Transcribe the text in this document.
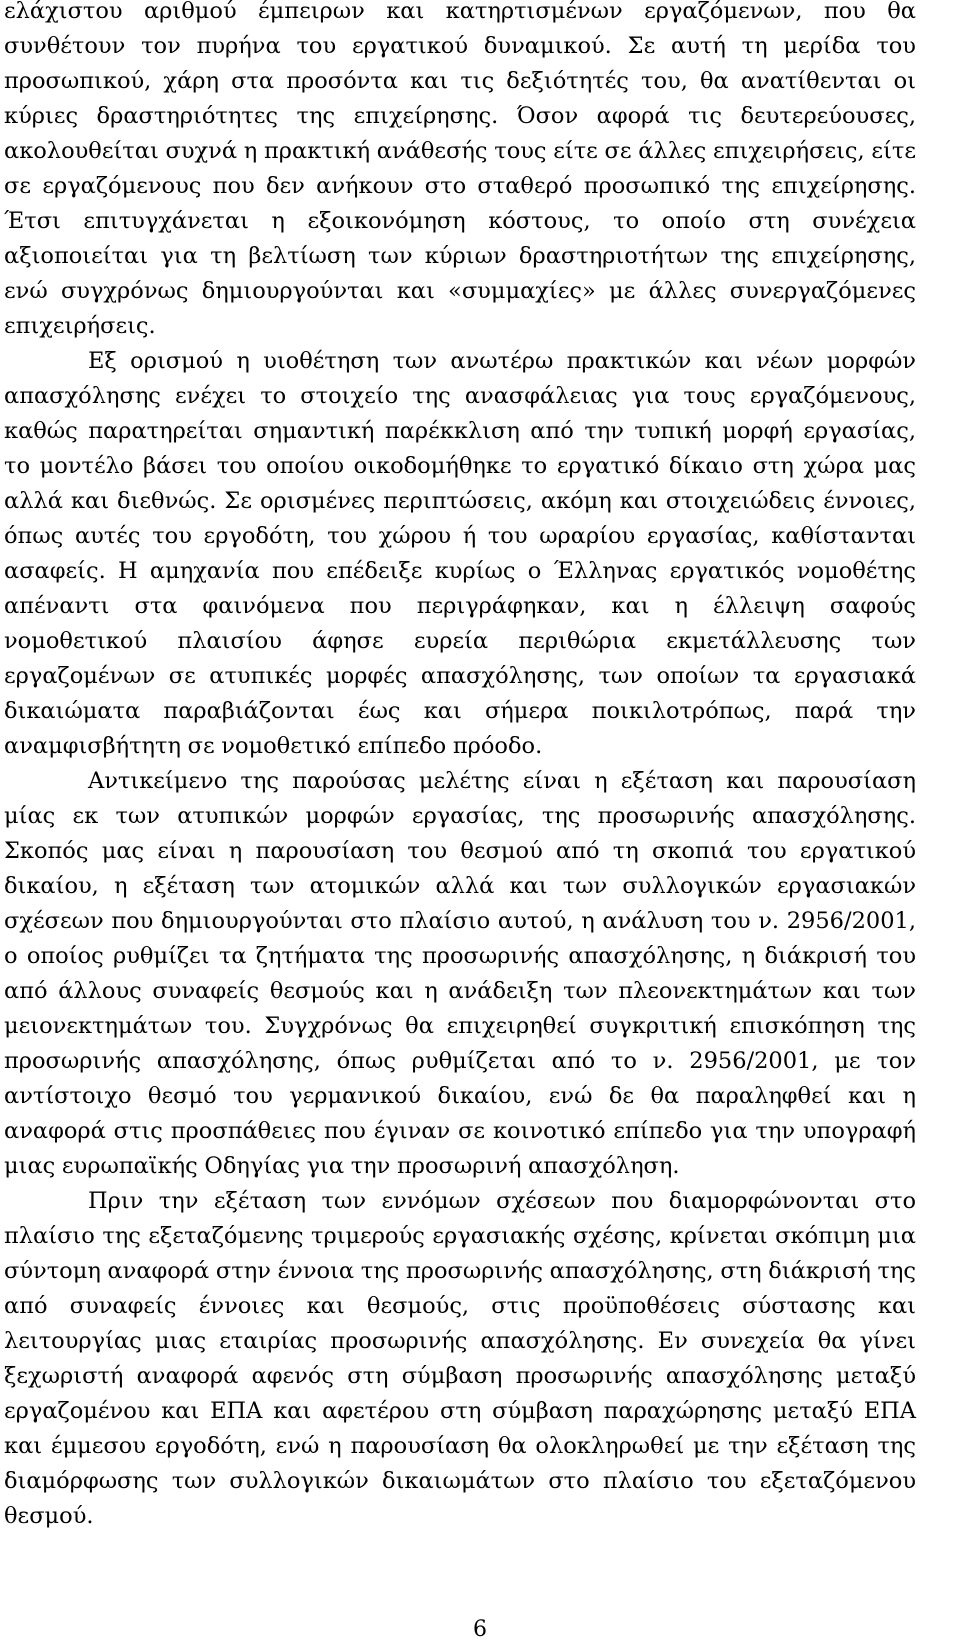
ελάχιστου αριθμού έμπειρων και κατηρτισμένων εργαζόμενων, που θα συνθέτουν τον πυρήνα του εργατικού δυναμικού. Σε αυτή τη μερίδα του προσωπικού, χάρη στα προσόντα και τις δεξιότητές του, θα ανατίθενται οι κύριες δραστηριότητες της επιχείρησης. Όσον αφορά τις δευτερεύουσες, ακολουθείται συχνά η πρακτική ανάθεσής τους είτε σε άλλες επιχειρήσεις, είτε σε εργαζόμενους που δεν ανήκουν στο σταθερό προσωπικό της επιχείρησης. Έτσι επιτυγχάνεται η εξοικονόμηση κόστους, το οποίο στη συνέχεια αξιοποιείται για τη βελτίωση των κύριων δραστηριοτήτων της επιχείρησης, ενώ συγχρόνως δημιουργούνται και «συμμαχίες» με άλλες συνεργαζόμενες επιχειρήσεις.

Εξ ορισμού η υιοθέτηση των ανωτέρω πρακτικών και νέων μορφών απασχόλησης ενέχει το στοιχείο της ανασφάλειας για τους εργαζόμενους, καθώς παρατηρείται σημαντική παρέκκλιση από την τυπική μορφή εργασίας, το μοντέλο βάσει του οποίου οικοδομήθηκε το εργατικό δίκαιο στη χώρα μας αλλά και διεθνώς. Σε ορισμένες περιπτώσεις, ακόμη και στοιχειώδεις έννοιες, όπως αυτές του εργοδότη, του χώρου ή του ωραρίου εργασίας, καθίστανται ασαφείς. Η αμηχανία που επέδειξε κυρίως ο Έλληνας εργατικός νομοθέτης απέναντι στα φαινόμενα που περιγράφηκαν, και η έλλειψη σαφούς νομοθετικού πλαισίου άφησε ευρεία περιθώρια εκμετάλλευσης των εργαζομένων σε ατυπικές μορφές απασχόλησης, των οποίων τα εργασιακά δικαιώματα παραβιάζονται έως και σήμερα ποικιλοτρόπως, παρά την αναμφισβήτητη σε νομοθετικό επίπεδο πρόοδο.

Αντικείμενο της παρούσας μελέτης είναι η εξέταση και παρουσίαση μίας εκ των ατυπικών μορφών εργασίας, της προσωρινής απασχόλησης. Σκοπός μας είναι η παρουσίαση του θεσμού από τη σκοπιά του εργατικού δικαίου, η εξέταση των ατομικών αλλά και των συλλογικών εργασιακών σχέσεων που δημιουργούνται στο πλαίσιο αυτού, η ανάλυση του ν. 2956/2001, ο οποίος ρυθμίζει τα ζητήματα της προσωρινής απασχόλησης, η διάκρισή του από άλλους συναφείς θεσμούς και η ανάδειξη των πλεονεκτημάτων και των μειονεκτημάτων του. Συγχρόνως θα επιχειρηθεί συγκριτική επισκόπηση της προσωρινής απασχόλησης, όπως ρυθμίζεται από το ν. 2956/2001, με τον αντίστοιχο θεσμό του γερμανικού δικαίου, ενώ δε θα παραληφθεί και η αναφορά στις προσπάθειες που έγιναν σε κοινοτικό επίπεδο για την υπογραφή μιας ευρωπαϊκής Οδηγίας για την προσωρινή απασχόληση.

Πριν την εξέταση των εννόμων σχέσεων που διαμορφώνονται στο πλαίσιο της εξεταζόμενης τριμερούς εργασιακής σχέσης, κρίνεται σκόπιμη μια σύντομη αναφορά στην έννοια της προσωρινής απασχόλησης, στη διάκρισή της από συναφείς έννοιες και θεσμούς, στις προϋποθέσεις σύστασης και λειτουργίας μιας εταιρίας προσωρινής απασχόλησης. Εν συνεχεία θα γίνει ξεχωριστή αναφορά αφενός στη σύμβαση προσωρινής απασχόλησης μεταξύ εργαζομένου και ΕΠΑ και αφετέρου στη σύμβαση παραχώρησης μεταξύ ΕΠΑ και έμμεσου εργοδότη, ενώ η παρουσίαση θα ολοκληρωθεί με την εξέταση της διαμόρφωσης των συλλογικών δικαιωμάτων στο πλαίσιο του εξεταζόμενου θεσμού.

6
